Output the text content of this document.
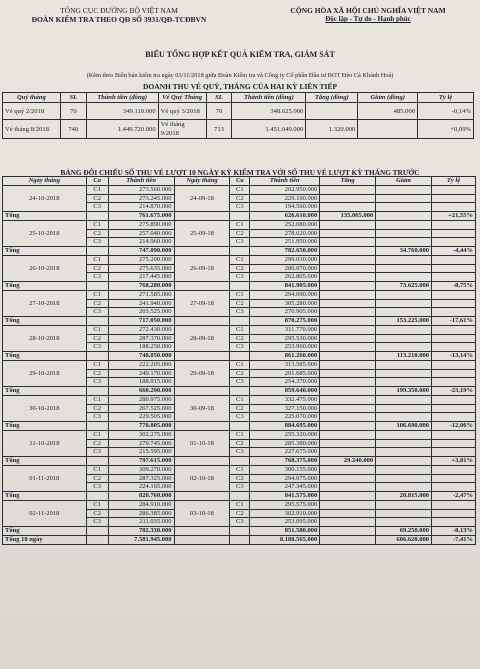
TỔNG CỤC ĐƯỜNG BỘ VIỆT NAM
ĐOÀN KIỂM TRA THEO QĐ SỐ 3931/QĐ-TCĐBVN
CỘNG HÒA XÃ HỘI CHỦ NGHĨA VIỆT NAM
Độc lập - Tự do - Hạnh phúc
BIỂU TỔNG HỢP KẾT QUẢ KIỂM TRA, GIÁM SÁT
(Kèm theo Biên bản kiểm tra ngày 03/11/2018 giữa Đoàn Kiểm tra và Công ty Cổ phần Đầu tư BOT Đèo Cả Khánh Hoà)
DOANH THU VÉ QUÝ, THÁNG CỦA HAI KỲ LIÊN TIẾP
Quý tháng	SL	Thành tiền (đồng)	Vé Quý Tháng	SL	Thành tiền (đồng)	Tăng (đồng)	Giảm (đồng)	Tỷ lệ
Vé quý 2/2018	70	349.110.000	Vé quý 3/2018	70	348.625.000		485.000	-0,14%
Vé tháng 8/2018	740	1.449.720.000	Vé tháng 9/2018	713	1.451.040.000	1.320.000		+0,09%
BẢNG ĐỐI CHIẾU SỐ THU VÉ LƯỢT 10 NGÀY KỲ KIỂM TRA VỚI SỐ THU VÉ LƯỢT KỲ THÁNG TRƯỚC
Ngày tháng	Ca	Thành tiền	Ngày tháng	Ca	Thành tiền	Tăng	Giảm	Tỷ lệ
24-10-2018	C1	273.560.000	24-09-18	C1	202.950.000			
	C2	273.245.000		C2	229.100.000			
	C3	214.870.000		C3	194.560.000			
Tổng		761.675.000			626.610.000	135.065.000		+21,55%
25-10-2018	C1	275.890.000	25-09-18	C1	252.080.000			
	C2	257.040.000		C2	278.620.000			
	C3	214.960.000		C3	251.950.000			
Tổng		747.890.000			782.650.000		34.760.000	-4,44%
26-10-2018	C1	275.200.000	26-09-18	C1	299.030.000			
	C2	275.635.000		C2	280.070.000			
	C3	217.445.000		C3	262.805.000			
Tổng		768.280.000			841.905.000		73.625.000	-8,75%
27-10-2018	C1	271.585.000	27-09-18	C1	294.090.000			
	C2	241.940.000		C2	305.280.000			
	C3	203.525.000		C3	270.905.000			
Tổng		717.050.000			870.275.000		153.225.000	-17,61%
28-10-2018	C1	272.430.000	28-09-18	C1	311.770.000			
	C2	287.370.000		C2	295.530.000			
	C3	188.250.000		C3	253.960.000			
Tổng		748.050.000			861.260.000		113.210.000	-13,14%
29-10-2018	C1	222.205.000	29-09-18	C1	313.585.000			
	C2	249.170.000		C2	291.685.000			
	C3	188.915.000		C3	254.370.000			
Tổng		660.290.000			859.640.000		199.350.000	-23,19%
30-10-2018	C1	280.975.000	30-09-18	C1	332.475.000			
	C2	267.525.000		C2	327.150.000			
	C3	229.505.000		C3	225.070.000			
Tổng		778.005.000			884.695.000		106.690.000	-12,06%
31-10-2018	C1	302.275.000	01-10-18	C1	255.320.000			
	C2	279.745.000		C2	285.380.000			
	C3	215.595.000		C3	227.675.000			
Tổng		797.615.000			768.375.000	29.240.000		+3,81%
01-11-2018	C1	309.270.000	02-10-18	C1	300.155.000			
	C2	287.325.000		C2	294.075.000			
	C3	224.165.000		C3	247.345.000			
Tổng		820.760.000			841.575.000		20.815.000	-2,47%
02-11-2018	C1	284.910.000	03-10-18	C1	295.575.000			
	C2	286.385.000		C2	302.910.000			
	C3	211.035.000		C3	253.095.000			
Tổng		782.330.000			851.580.000		69.250.000	-8,13%
Tổng 10 ngày		7.581.945.000			8.188.565.000		606.620.000	-7,41%
